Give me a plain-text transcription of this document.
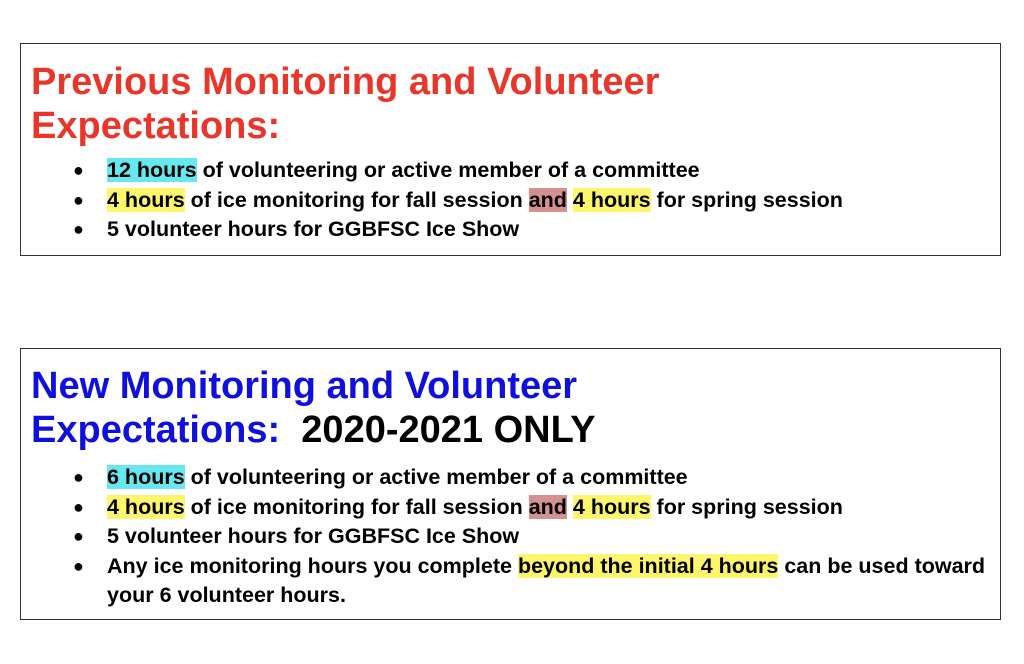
Previous Monitoring and Volunteer
Expectations:
● 12 hours of volunteering or active member of a committee
● 4 hours of ice monitoring for fall session and 4 hours for spring session
● 5 volunteer hours for GGBFSC Ice Show
New Monitoring and Volunteer
Expectations: 2020-2021 ONLY
● 6 hours of volunteering or active member of a committee
● 4 hours of ice monitoring for fall session and 4 hours for spring session
● 5 volunteer hours for GGBFSC Ice Show
● Any ice monitoring hours you complete beyond the initial 4 hours can be used toward your 6 volunteer hours.
